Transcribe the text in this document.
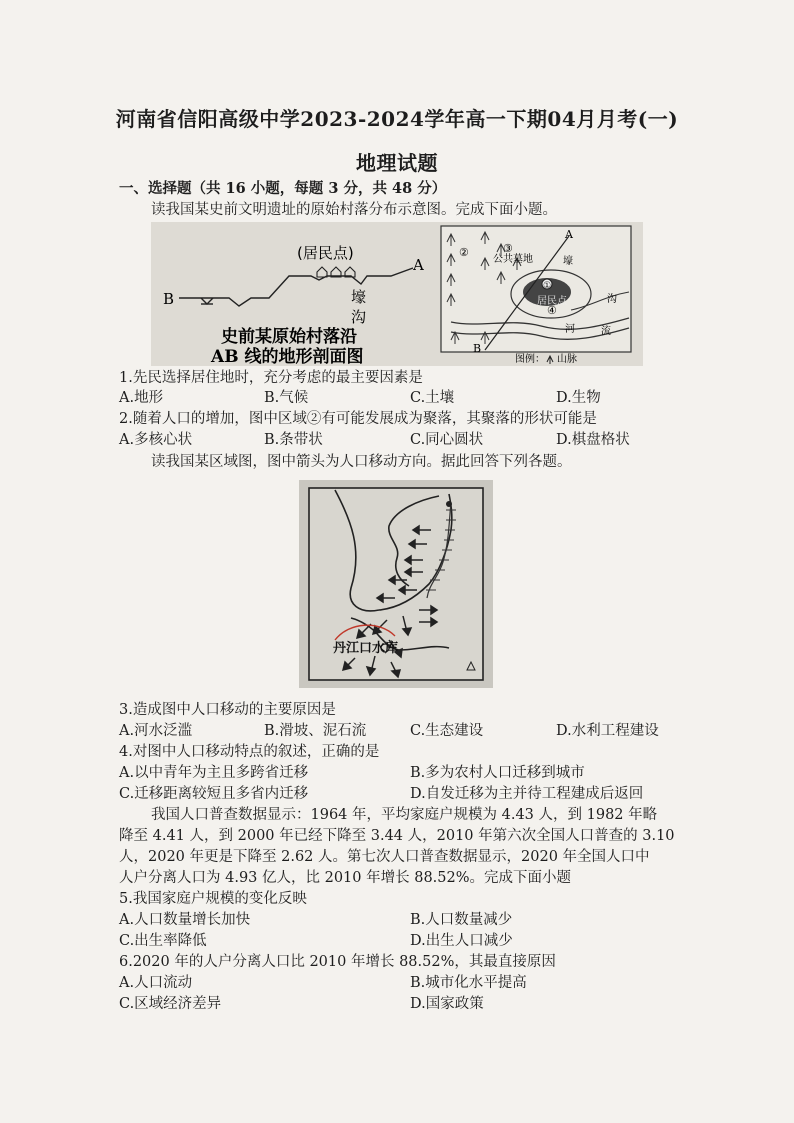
河南省信阳高级中学2023-2024学年高一下期04月月考(一)
地理试题
一、选择题（共 16 小题，每题 3 分，共 48 分）
读我国某史前文明遗址的原始村落分布示意图。完成下面小题。
(居民点)
A
B	壕
沟
史前某原始村落沿
AB 线的地形剖面图
②	③
④
①
A
B
公共墓地	壕
居民点
河	流
沟
图例： 山脉
1.先民选择居住地时，充分考虑的最主要因素是
A.地形	B.气候	C.土壤	D.生物
2.随着人口的增加，图中区域②有可能发展成为聚落，其聚落的形状可能是
A.多核心状	B.条带状	C.同心圆状	D.棋盘格状
读我国某区域图，图中箭头为人口移动方向。据此回答下列各题。
丹江口水库
3.造成图中人口移动的主要原因是
A.河水泛滥	B.滑坡、泥石流	C.生态建设	D.水利工程建设
4.对图中人口移动特点的叙述，正确的是
A.以中青年为主且多跨省迁移	B.多为农村人口迁移到城市
C.迁移距离较短且多省内迁移	D.自发迁移为主并待工程建成后返回
我国人口普查数据显示：1964 年，平均家庭户规模为 4.43 人，到 1982 年略
降至 4.41 人，到 2000 年已经下降至 3.44 人，2010 年第六次全国人口普查的 3.10
人，2020 年更是下降至 2.62 人。第七次人口普查数据显示，2020 年全国人口中
人户分离人口为 4.93 亿人，比 2010 年增长 88.52%。完成下面小题
5.我国家庭户规模的变化反映
A.人口数量增长加快	B.人口数量减少
C.出生率降低	D.出生人口减少
6.2020 年的人户分离人口比 2010 年增长 88.52%，其最直接原因
A.人口流动	B.城市化水平提高
C.区域经济差异	D.国家政策
